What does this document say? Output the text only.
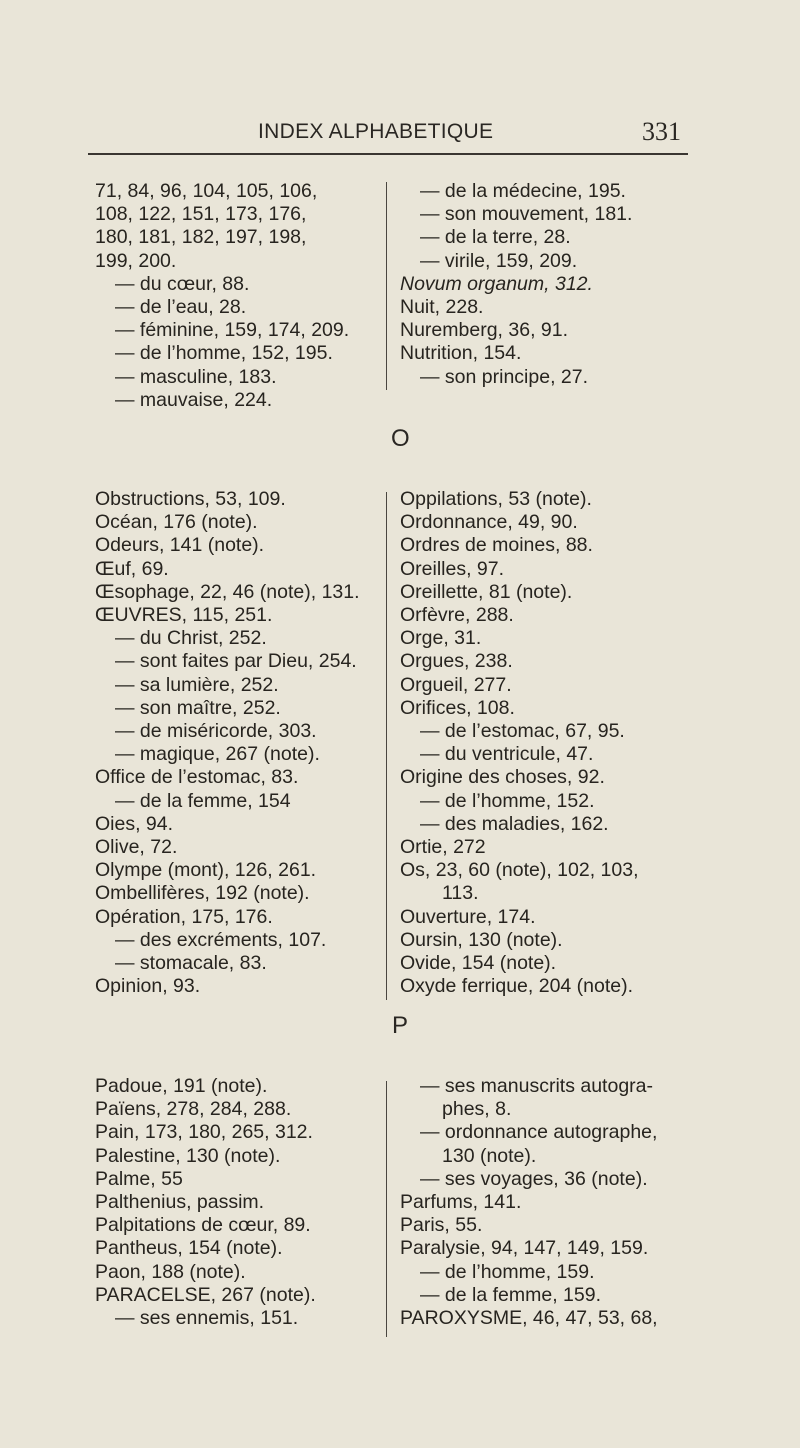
INDEX ALPHABETIQUE	331
71, 84, 96, 104, 105, 106,
108, 122, 151, 173, 176,
180, 181, 182, 197, 198,
199, 200.
— du cœur, 88.
— de l’eau, 28.
— féminine, 159, 174, 209.
— de l’homme, 152, 195.
— masculine, 183.
— mauvaise, 224.
— de la médecine, 195.
— son mouvement, 181.
— de la terre, 28.
— virile, 159, 209.
Novum organum, 312.
Nuit, 228.
Nuremberg, 36, 91.
Nutrition, 154.
— son principe, 27.
O
Obstructions, 53, 109.
Océan, 176 (note).
Odeurs, 141 (note).
Œuf, 69.
Œsophage, 22, 46 (note), 131.
ŒUVRES, 115, 251.
— du Christ, 252.
— sont faites par Dieu, 254.
— sa lumière, 252.
— son maître, 252.
— de miséricorde, 303.
— magique, 267 (note).
Office de l’estomac, 83.
— de la femme, 154
Oies, 94.
Olive, 72.
Olympe (mont), 126, 261.
Ombellifères, 192 (note).
Opération, 175, 176.
— des excréments, 107.
— stomacale, 83.
Opinion, 93.
Oppilations, 53 (note).
Ordonnance, 49, 90.
Ordres de moines, 88.
Oreilles, 97.
Oreillette, 81 (note).
Orfèvre, 288.
Orge, 31.
Orgues, 238.
Orgueil, 277.
Orifices, 108.
— de l’estomac, 67, 95.
— du ventricule, 47.
Origine des choses, 92.
— de l’homme, 152.
— des maladies, 162.
Ortie, 272
Os, 23, 60 (note), 102, 103,
113.
Ouverture, 174.
Oursin, 130 (note).
Ovide, 154 (note).
Oxyde ferrique, 204 (note).
P
Padoue, 191 (note).
Païens, 278, 284, 288.
Pain, 173, 180, 265, 312.
Palestine, 130 (note).
Palme, 55
Palthenius, passim.
Palpitations de cœur, 89.
Pantheus, 154 (note).
Paon, 188 (note).
PARACELSE, 267 (note).
— ses ennemis, 151.
— ses manuscrits autogra-
phes, 8.
— ordonnance autographe,
130 (note).
— ses voyages, 36 (note).
Parfums, 141.
Paris, 55.
Paralysie, 94, 147, 149, 159.
— de l’homme, 159.
— de la femme, 159.
PAROXYSME, 46, 47, 53, 68,
